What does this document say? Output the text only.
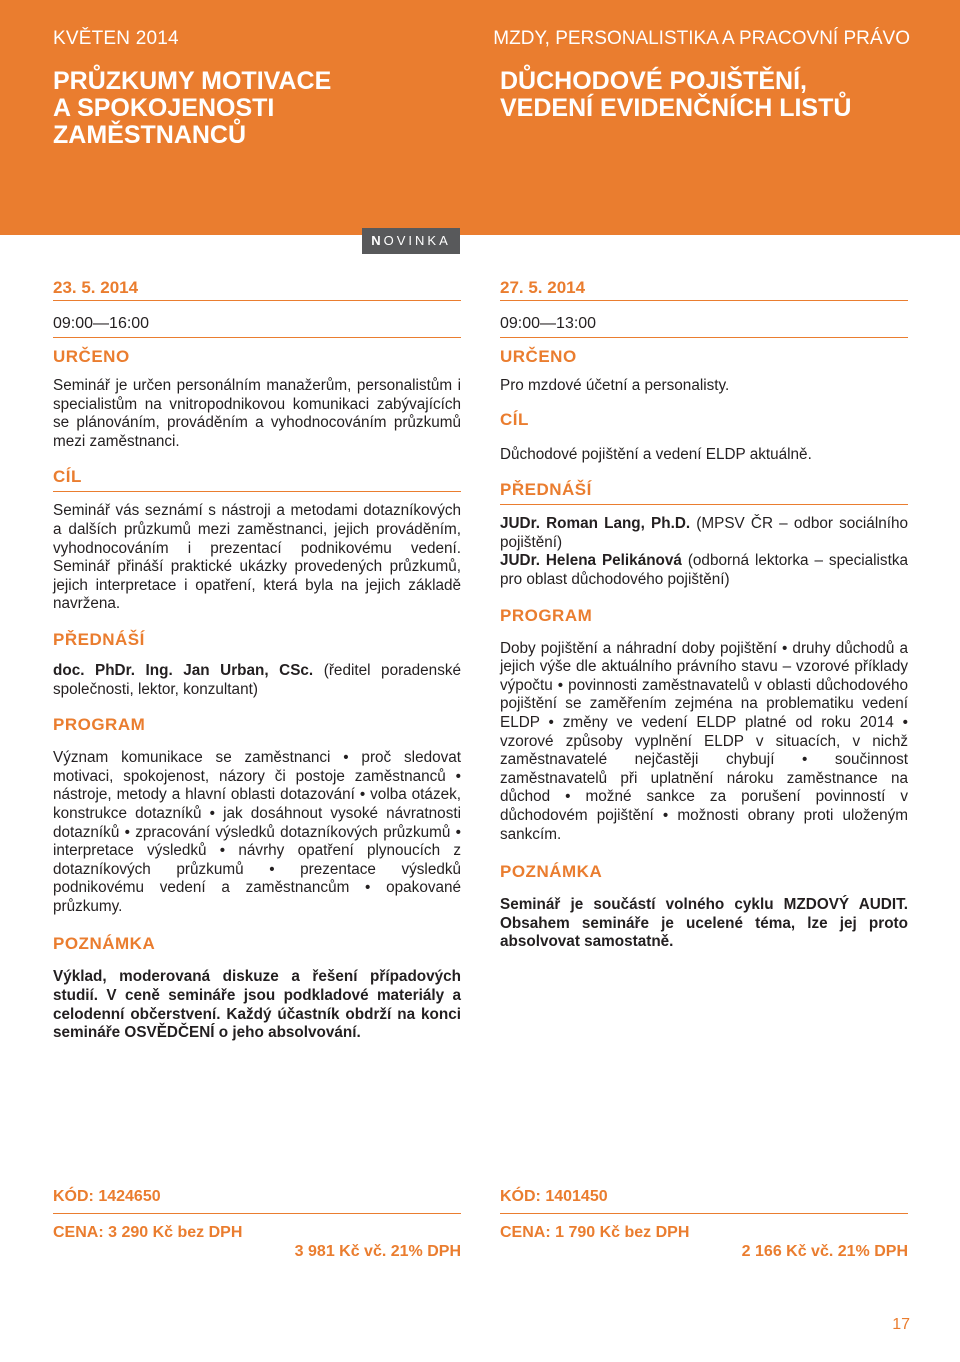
KVĚTEN 2014	MZDY, PERSONALISTIKA A PRACOVNÍ PRÁVO
PRŮZKUMY MOTIVACE
A SPOKOJENOSTI
ZAMĚSTNANCŮ
DŮCHODOVÉ POJIŠTĚNÍ,
VEDENÍ EVIDENČNÍCH LISTŮ
NOVINKA
23. 5. 2014
09:00—16:00
URČENO
Seminář je určen personálním manažerům, personalistům i specialistům na vnitropodnikovou komunikaci zabývajících se plánováním, prováděním a vyhodnocováním průzkumů mezi zaměstnanci.
CÍL
Seminář vás seznámí s nástroji a metodami dotazníkových a dalších průzkumů mezi zaměstnanci, jejich prováděním, vyhodnocováním i prezentací podnikovému vedení. Seminář přináší praktické ukázky provedených průzkumů, jejich interpretace i opatření, která byla na jejich základě navržena.
PŘEDNÁŠÍ
doc. PhDr. Ing. Jan Urban, CSc. (ředitel poradenské společnosti, lektor, konzultant)
PROGRAM
Význam komunikace se zaměstnanci • proč sledovat motivaci, spokojenost, názory či postoje zaměstnanců • nástroje, metody a hlavní oblasti dotazování • volba otázek, konstrukce dotazníků • jak dosáhnout vysoké návratnosti dotazníků • zpracování výsledků dotazníkových průzkumů • interpretace výsledků • návrhy opatření plynoucích z dotazníkových průzkumů • prezentace výsledků podnikovému vedení a zaměstnancům • opakované průzkumy.
POZNÁMKA
Výklad, moderovaná diskuze a řešení případových studií. V ceně semináře jsou podkladové materiály a celodenní občerstvení. Každý účastník obdrží na konci semináře OSVĚDČENÍ o jeho absolvování.
KÓD: 1424650
CENA: 3 290 Kč bez DPH
3 981 Kč vč. 21% DPH
27. 5. 2014
09:00—13:00
URČENO
Pro mzdové účetní a personalisty.
CÍL
Důchodové pojištění a vedení ELDP aktuálně.
PŘEDNÁŠÍ
JUDr. Roman Lang, Ph.D. (MPSV ČR – odbor sociálního pojištění)
JUDr. Helena Pelikánová (odborná lektorka – specialistka pro oblast důchodového pojištění)
PROGRAM
Doby pojištění a náhradní doby pojištění • druhy důchodů a jejich výše dle aktuálního právního stavu – vzorové příklady výpočtu • povinnosti zaměstnavatelů v oblasti důchodového pojištění se zaměřením zejména na problematiku vedení ELDP • změny ve vedení ELDP platné od roku 2014 • vzorové způsoby vyplnění ELDP v situacích, v nichž zaměstnavatelé nejčastěji chybují • součinnost zaměstnavatelů při uplatnění nároku zaměstnance na důchod • možné sankce za porušení povinností v důchodovém pojištění • možnosti obrany proti uloženým sankcím.
POZNÁMKA
Seminář je součástí volného cyklu MZDOVÝ AUDIT. Obsahem semináře je ucelené téma, lze jej proto absolvovat samostatně.
KÓD: 1401450
CENA: 1 790 Kč bez DPH
2 166 Kč vč. 21% DPH
17
